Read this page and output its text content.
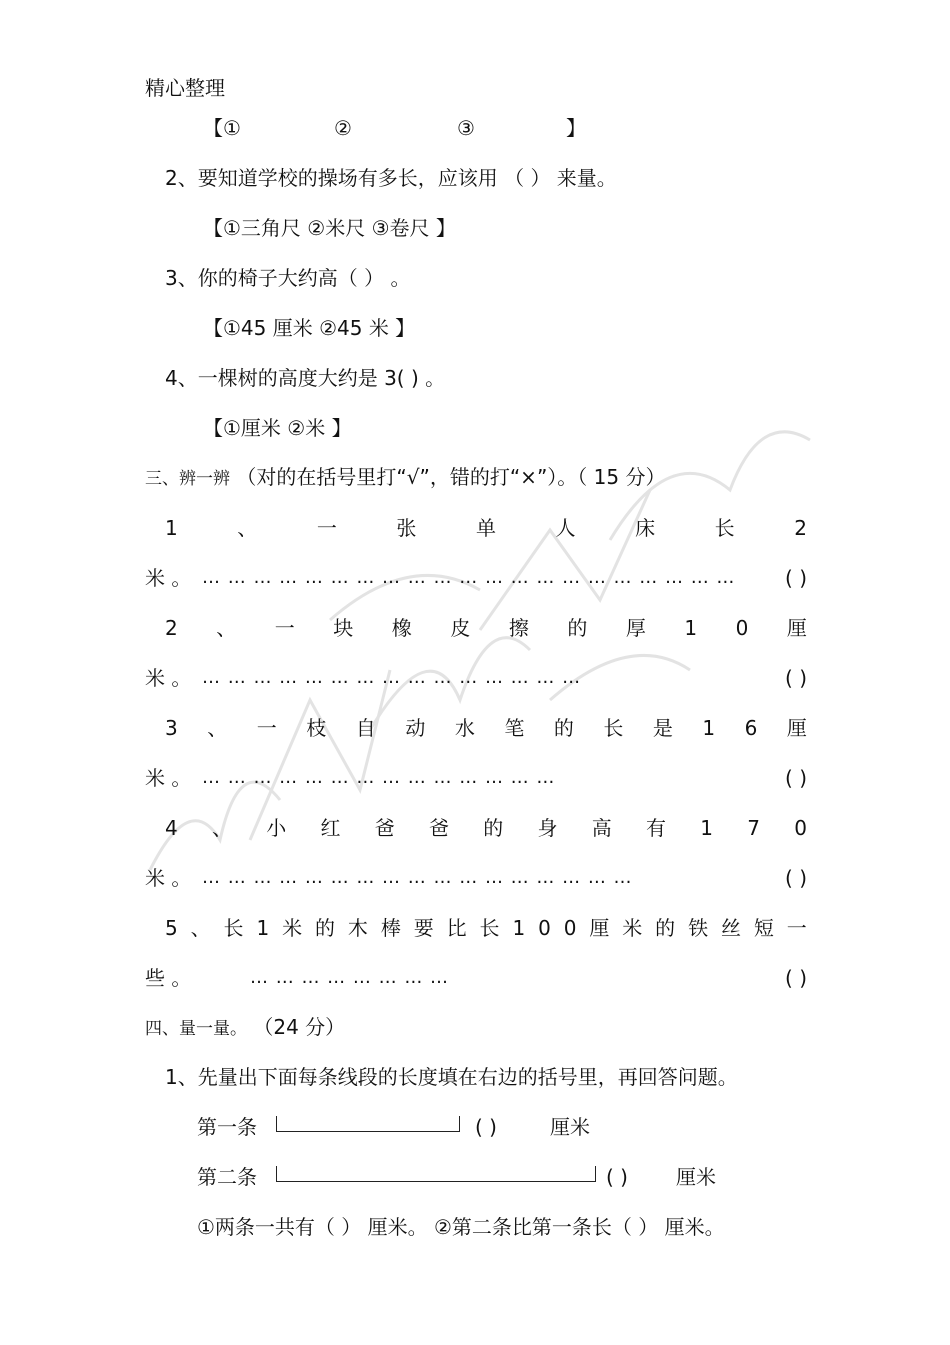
精心整理
【①	②	③	】
2、要知道学校的操场有多长，应该用 （ ） 来量。
【①三角尺 ②米尺 ③卷尺 】
3、你的椅子大约高（ ） 。
【①45 厘米 ②45 米 】
4、一棵树的高度大约是 3( ) 。
【①厘米 ②米 】
三、辨一辨 （对的在括号里打“√”，错的打“×”）。（ 15 分）
1	、	一	张	单	人	床	长	2
米 。 … … … … … … … … … … … … … … … … … … … … … ( )
2 、 一 块 橡 皮 擦 的 厚 1 0 厘
米 。 … … … … … … … … … … … … … … …	( )
3 、 一 枝 自 动 水 笔 的 长 是 1 6 厘
米 。 … … … … … … … … … … … … … …	( )
4 、 小 红 爸 爸 的 身 高 有 1 7 0
米 。 … … … … … … … … … … … … … … … … …	( )
5 、 长 1 米 的 木 棒 要 比 长 1 0 0 厘 米 的 铁 丝 短 一
些 。	… … … … … … … …	( )
四、量一量。 （24 分）
1、先量出下面每条线段的长度填在右边的括号里，再回答问题。
第一条	( )	厘米
第二条	( ) 厘米
①两条一共有（ ） 厘米。 ②第二条比第一条长（ ） 厘米。
